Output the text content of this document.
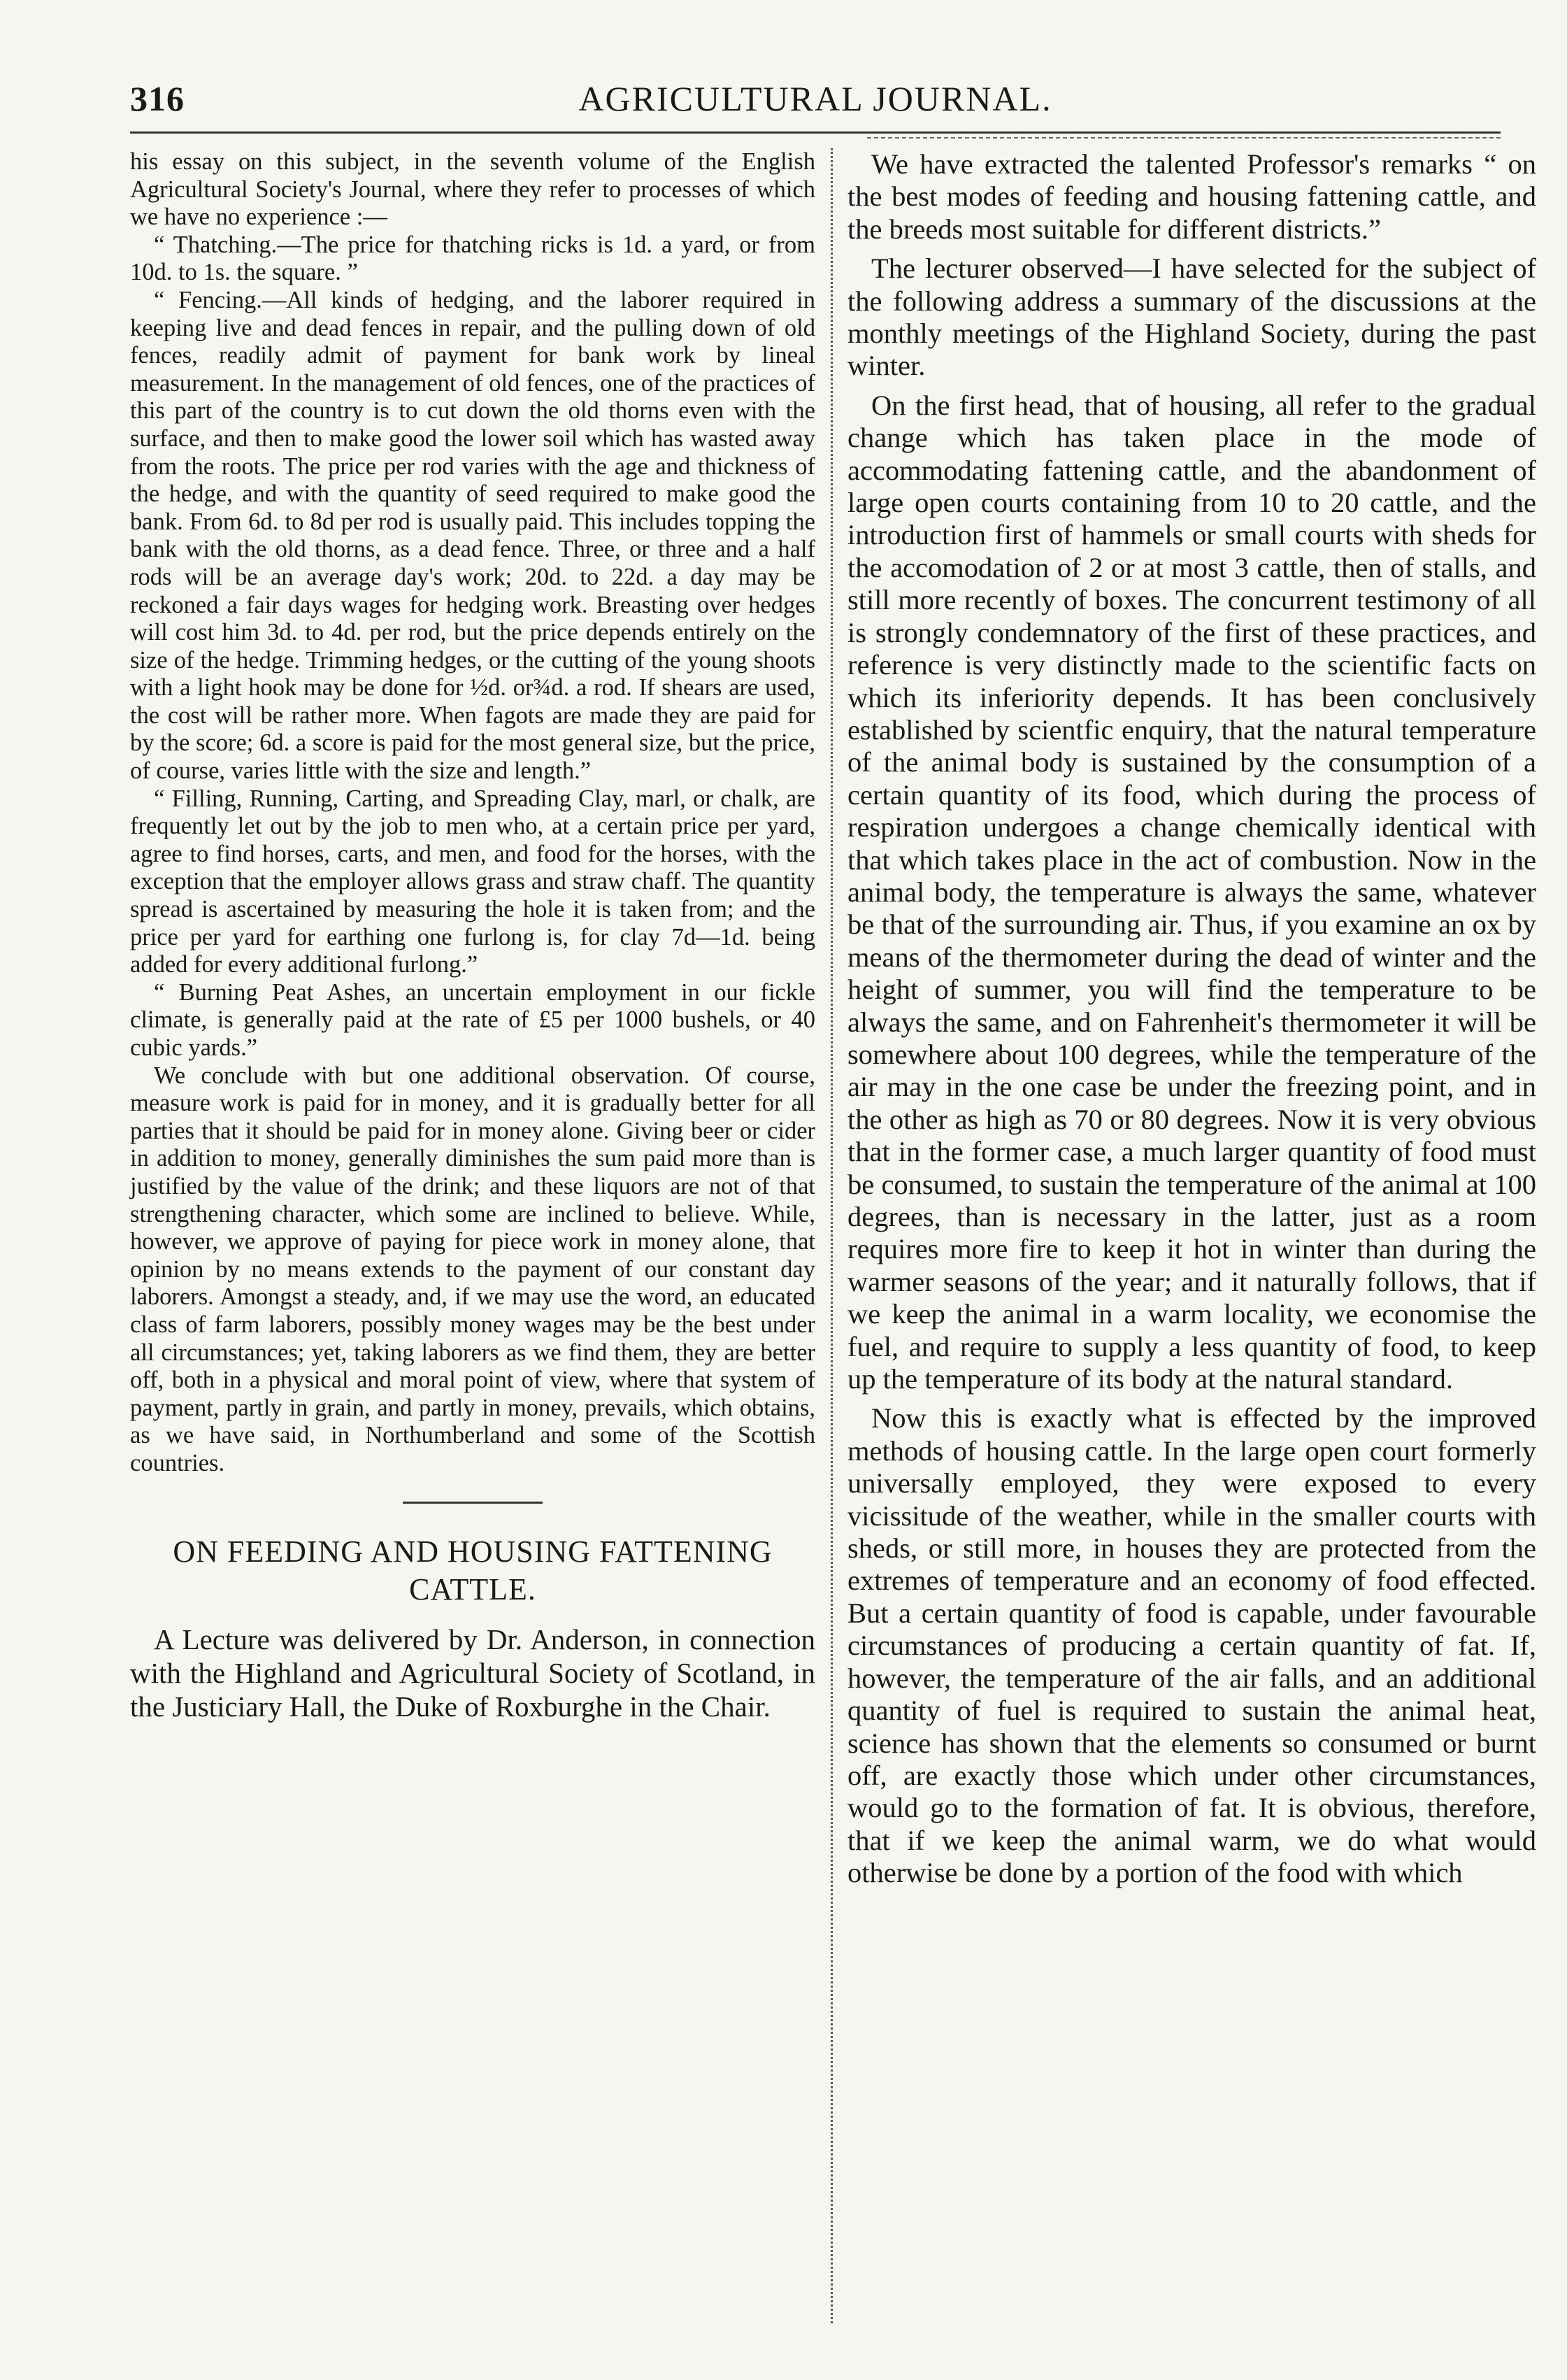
316	AGRICULTURAL JOURNAL.

his essay on this subject, in the seventh volume of the English Agricultural Society's Journal, where they refer to processes of which we have no experience :—

“ Thatching.—The price for thatching ricks is 1d. a yard, or from 10d. to 1s. the square. ”

“ Fencing.—All kinds of hedging, and the laborer required in keeping live and dead fences in repair, and the pulling down of old fences, readily admit of payment for bank work by lineal measurement. In the management of old fences, one of the practices of this part of the country is to cut down the old thorns even with the surface, and then to make good the lower soil which has wasted away from the roots. The price per rod varies with the age and thickness of the hedge, and with the quantity of seed required to make good the bank. From 6d. to 8d per rod is usually paid. This includes topping the bank with the old thorns, as a dead fence. Three, or three and a half rods will be an average day's work; 20d. to 22d. a day may be reckoned a fair days wages for hedging work. Breasting over hedges will cost him 3d. to 4d. per rod, but the price depends entirely on the size of the hedge. Trimming hedges, or the cutting of the young shoots with a light hook may be done for ½d. or¾d. a rod. If shears are used, the cost will be rather more. When fagots are made they are paid for by the score; 6d. a score is paid for the most general size, but the price, of course, varies little with the size and length.”

“ Filling, Running, Carting, and Spreading Clay, marl, or chalk, are frequently let out by the job to men who, at a certain price per yard, agree to find horses, carts, and men, and food for the horses, with the exception that the employer allows grass and straw chaff. The quantity spread is ascertained by measuring the hole it is taken from; and the price per yard for earthing one furlong is, for clay 7d—1d. being added for every additional furlong.”

“ Burning Peat Ashes, an uncertain employment in our fickle climate, is generally paid at the rate of £5 per 1000 bushels, or 40 cubic yards.”

We conclude with but one additional observation. Of course, measure work is paid for in money, and it is gradually better for all parties that it should be paid for in money alone. Giving beer or cider in addition to money, generally diminishes the sum paid more than is justified by the value of the drink; and these liquors are not of that strengthening character, which some are inclined to believe. While, however, we approve of paying for piece work in money alone, that opinion by no means extends to the payment of our constant day laborers. Amongst a steady, and, if we may use the word, an educated class of farm laborers, possibly money wages may be the best under all circumstances; yet, taking laborers as we find them, they are better off, both in a physical and moral point of view, where that system of payment, partly in grain, and partly in money, prevails, which obtains, as we have said, in Northumberland and some of the Scottish countries.

ON FEEDING AND HOUSING FATTENING CATTLE.

A Lecture was delivered by Dr. Anderson, in connection with the Highland and Agricultural Society of Scotland, in the Justiciary Hall, the Duke of Roxburghe in the Chair.

We have extracted the talented Professor's remarks “ on the best modes of feeding and housing fattening cattle, and the breeds most suitable for different districts.”

The lecturer observed—I have selected for the subject of the following address a summary of the discussions at the monthly meetings of the Highland Society, during the past winter.

On the first head, that of housing, all refer to the gradual change which has taken place in the mode of accommodating fattening cattle, and the abandonment of large open courts containing from 10 to 20 cattle, and the introduction first of hammels or small courts with sheds for the accomodation of 2 or at most 3 cattle, then of stalls, and still more recently of boxes. The concurrent testimony of all is strongly condemnatory of the first of these practices, and reference is very distinctly made to the scientific facts on which its inferiority depends. It has been conclusively established by scientfic enquiry, that the natural temperature of the animal body is sustained by the consumption of a certain quantity of its food, which during the process of respiration undergoes a change chemically identical with that which takes place in the act of combustion. Now in the animal body, the temperature is always the same, whatever be that of the surrounding air. Thus, if you examine an ox by means of the thermometer during the dead of winter and the height of summer, you will find the temperature to be always the same, and on Fahrenheit's thermometer it will be somewhere about 100 degrees, while the temperature of the air may in the one case be under the freezing point, and in the other as high as 70 or 80 degrees. Now it is very obvious that in the former case, a much larger quantity of food must be consumed, to sustain the temperature of the animal at 100 degrees, than is necessary in the latter, just as a room requires more fire to keep it hot in winter than during the warmer seasons of the year; and it naturally follows, that if we keep the animal in a warm locality, we economise the fuel, and require to supply a less quantity of food, to keep up the temperature of its body at the natural standard.

Now this is exactly what is effected by the improved methods of housing cattle. In the large open court formerly universally employed, they were exposed to every vicissitude of the weather, while in the smaller courts with sheds, or still more, in houses they are protected from the extremes of temperature and an economy of food effected. But a certain quantity of food is capable, under favourable circumstances of producing a certain quantity of fat. If, however, the temperature of the air falls, and an additional quantity of fuel is required to sustain the animal heat, science has shown that the elements so consumed or burnt off, are exactly those which under other circumstances, would go to the formation of fat. It is obvious, therefore, that if we keep the animal warm, we do what would otherwise be done by a portion of the food with which
